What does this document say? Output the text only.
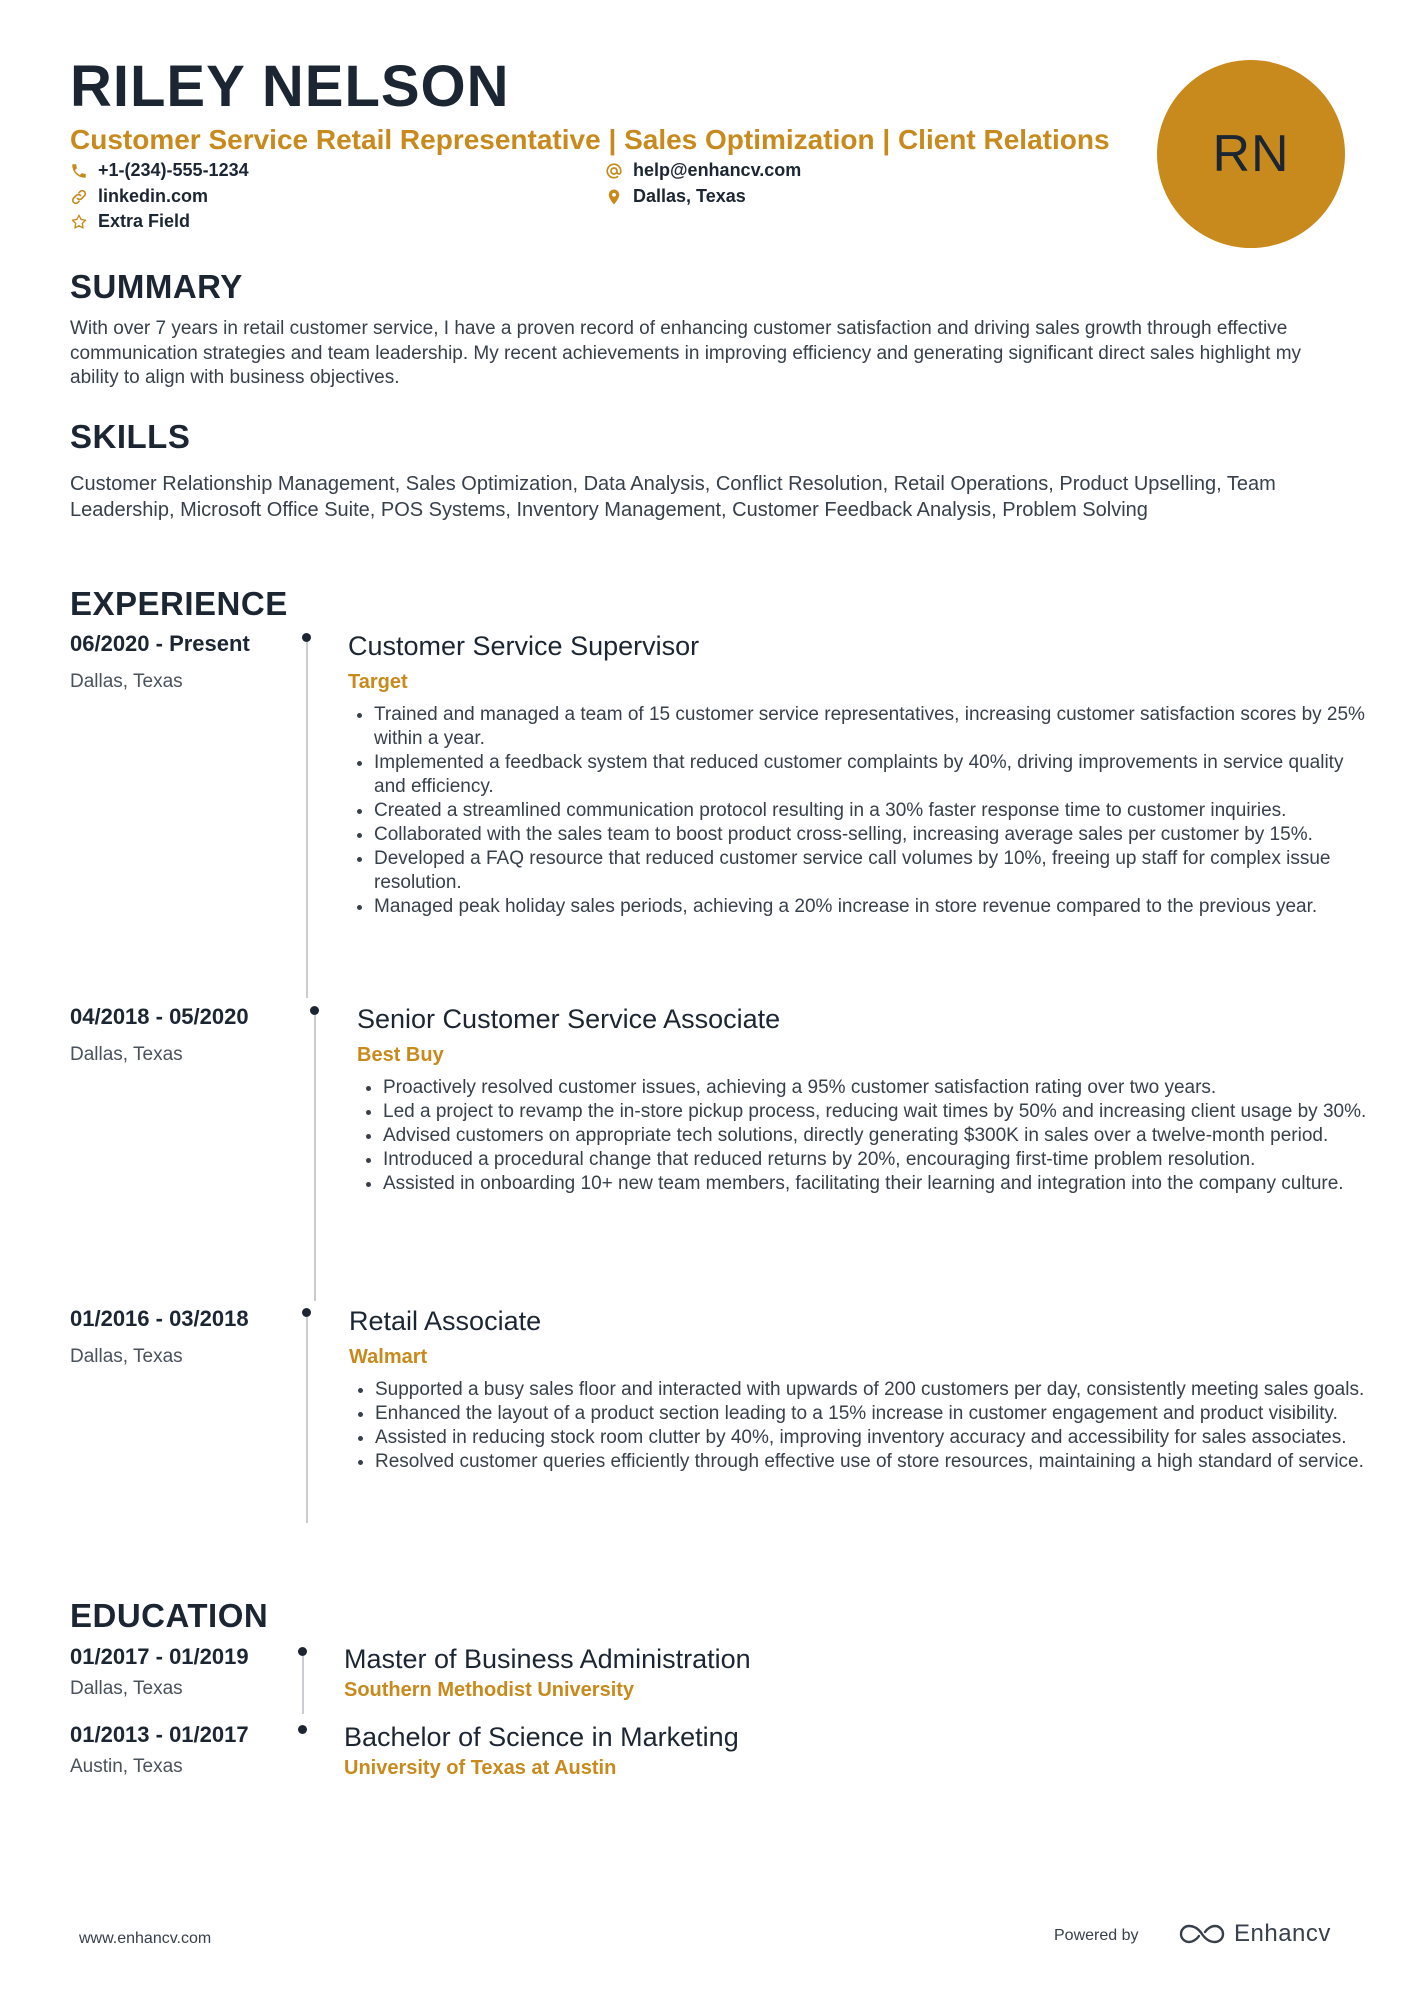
RILEY NELSON
Customer Service Retail Representative | Sales Optimization | Client Relations
+1-(234)-555-1234	help@enhancv.com
linkedin.com	Dallas, Texas
Extra Field
RN
SUMMARY

With over 7 years in retail customer service, I have a proven record of enhancing customer satisfaction and driving sales growth through effective communication strategies and team leadership. My recent achievements in improving efficiency and generating significant direct sales highlight my ability to align with business objectives.

SKILLS

Customer Relationship Management, Sales Optimization, Data Analysis, Conflict Resolution, Retail Operations, Product Upselling, Team Leadership, Microsoft Office Suite, POS Systems, Inventory Management, Customer Feedback Analysis, Problem Solving

EXPERIENCE
06/2020 - Present
Dallas, Texas
Customer Service Supervisor
Target
• Trained and managed a team of 15 customer service representatives, increasing customer satisfaction scores by 25% within a year.
• Implemented a feedback system that reduced customer complaints by 40%, driving improvements in service quality and efficiency.
• Created a streamlined communication protocol resulting in a 30% faster response time to customer inquiries.
• Collaborated with the sales team to boost product cross-selling, increasing average sales per customer by 15%.
• Developed a FAQ resource that reduced customer service call volumes by 10%, freeing up staff for complex issue resolution.
• Managed peak holiday sales periods, achieving a 20% increase in store revenue compared to the previous year.
04/2018 - 05/2020
Dallas, Texas
Senior Customer Service Associate
Best Buy
• Proactively resolved customer issues, achieving a 95% customer satisfaction rating over two years.
• Led a project to revamp the in-store pickup process, reducing wait times by 50% and increasing client usage by 30%.
• Advised customers on appropriate tech solutions, directly generating $300K in sales over a twelve-month period.
• Introduced a procedural change that reduced returns by 20%, encouraging first-time problem resolution.
• Assisted in onboarding 10+ new team members, facilitating their learning and integration into the company culture.
01/2016 - 03/2018
Dallas, Texas
Retail Associate
Walmart
• Supported a busy sales floor and interacted with upwards of 200 customers per day, consistently meeting sales goals.
• Enhanced the layout of a product section leading to a 15% increase in customer engagement and product visibility.
• Assisted in reducing stock room clutter by 40%, improving inventory accuracy and accessibility for sales associates.
• Resolved customer queries efficiently through effective use of store resources, maintaining a high standard of service.
EDUCATION
01/2017 - 01/2019
Dallas, Texas
Master of Business Administration
Southern Methodist University
01/2013 - 01/2017
Austin, Texas
Bachelor of Science in Marketing
University of Texas at Austin
www.enhancv.com	Powered by	Enhancv
